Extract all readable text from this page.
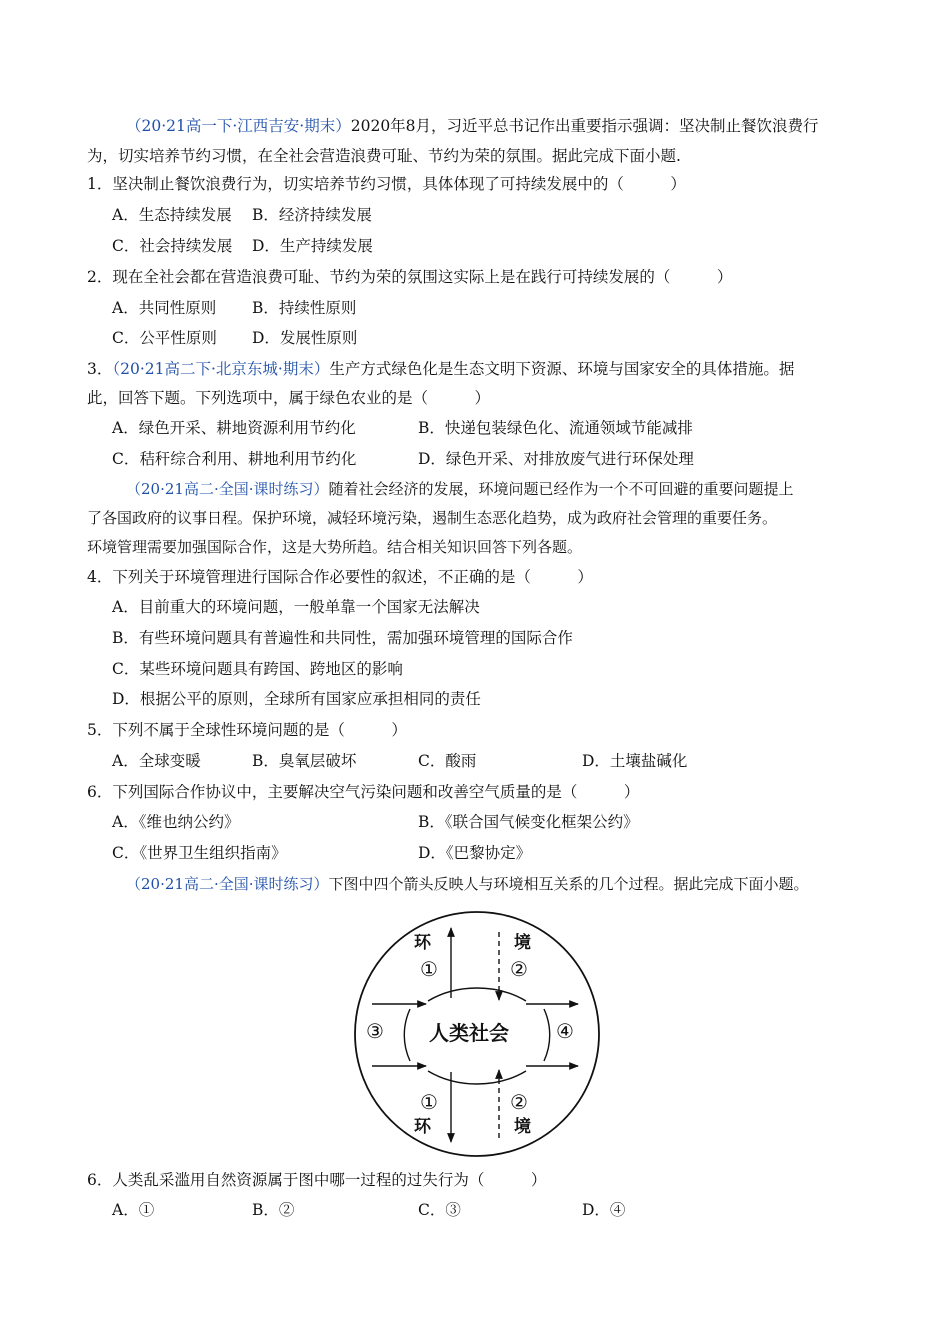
（20·21高一下·江西吉安·期末）2020年8月，习近平总书记作出重要指示强调：坚决制止餐饮浪费行
为，切实培养节约习惯，在全社会营造浪费可耻、节约为荣的氛围。据此完成下面小题.
1．坚决制止餐饮浪费行为，切实培养节约习惯，具体体现了可持续发展中的（　　　）
A．生态持续发展 B．经济持续发展
C．社会持续发展 D．生产持续发展
2．现在全社会都在营造浪费可耻、节约为荣的氛围这实际上是在践行可持续发展的（　　　）
A．共同性原则 B．持续性原则
C．公平性原则 D．发展性原则
3．（20·21高二下·北京东城·期末）生产方式绿色化是生态文明下资源、环境与国家安全的具体措施。据
此，回答下题。下列选项中，属于绿色农业的是（　　　）
A．绿色开采、耕地资源利用节约化	B．快递包装绿色化、流通领域节能减排
C．秸秆综合利用、耕地利用节约化	D．绿色开采、对排放废气进行环保处理
（20·21高二·全国·课时练习）随着社会经济的发展，环境问题已经作为一个不可回避的重要问题提上
了各国政府的议事日程。保护环境，减轻环境污染，遏制生态恶化趋势，成为政府社会管理的重要任务。
环境管理需要加强国际合作，这是大势所趋。结合相关知识回答下列各题。
4．下列关于环境管理进行国际合作必要性的叙述，不正确的是（　　　）
A．目前重大的环境问题，一般单靠一个国家无法解决
B．有些环境问题具有普遍性和共同性，需加强环境管理的国际合作
C．某些环境问题具有跨国、跨地区的影响
D．根据公平的原则，全球所有国家应承担相同的责任
5．下列不属于全球性环境问题的是（　　　）
A．全球变暖	B．臭氧层破坏	C．酸雨	D．土壤盐碱化
6．下列国际合作协议中，主要解决空气污染问题和改善空气质量的是（　　　）
A．《维也纳公约》	B．《联合国气候变化框架公约》
C．《世界卫生组织指南》	D．《巴黎协定》
（20·21高二·全国·课时练习）下图中四个箭头反映人与环境相互关系的几个过程。据此完成下面小题。
环	境
环	境
①	②
①	②
③	④
人类社会
6．人类乱采滥用自然资源属于图中哪一过程的过失行为（　　　）
A．①	B．②	C．③	D．④
